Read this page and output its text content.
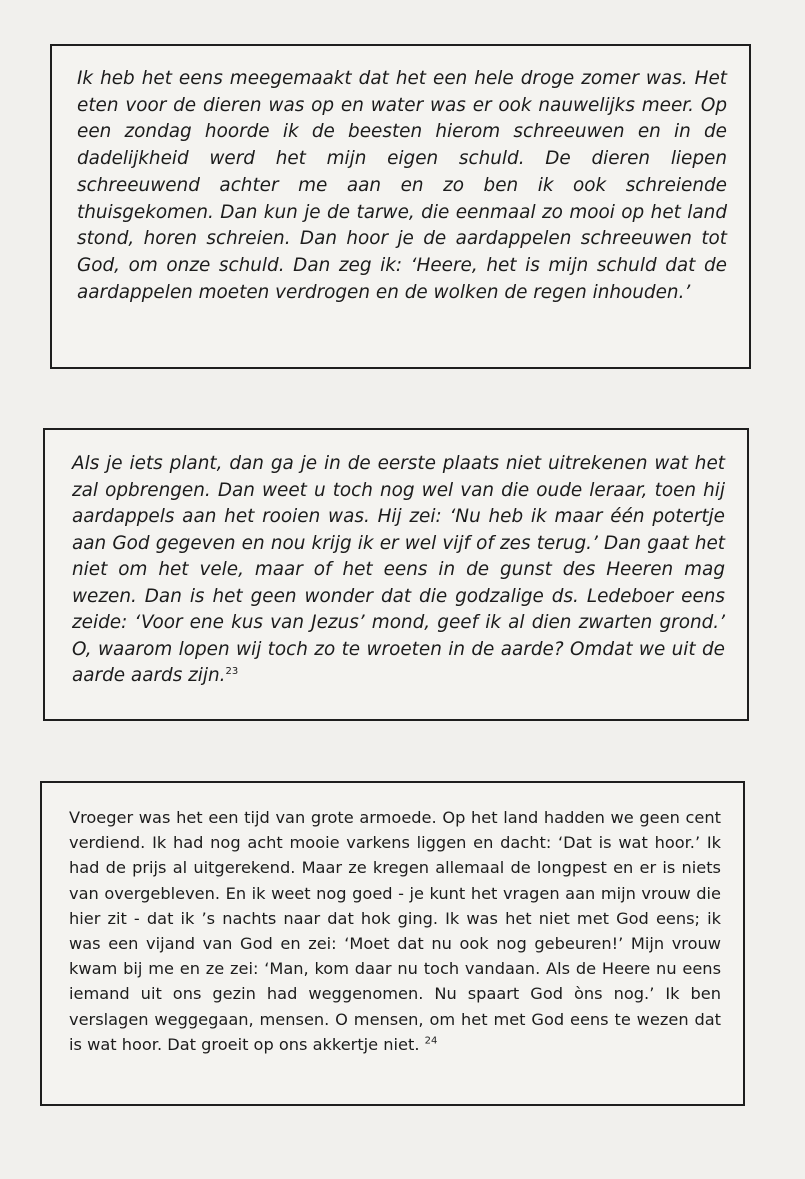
Ik heb het eens meegemaakt dat het een hele droge zomer was. Het eten voor de dieren was op en water was er ook nauwelijks meer. Op een zondag hoorde ik de beesten hierom schreeuwen en in de dadelijkheid werd het mijn eigen schuld. De dieren liepen schreeuwend achter me aan en zo ben ik ook schreiende thuisgekomen. Dan kun je de tarwe, die eenmaal zo mooi op het land stond, horen schreien. Dan hoor je de aardappelen schreeuwen tot God, om onze schuld. Dan zeg ik: ‘Heere, het is mijn schuld dat de aardappelen moeten verdrogen en de wolken de regen inhouden.’

Als je iets plant, dan ga je in de eerste plaats niet uitrekenen wat het zal opbrengen. Dan weet u toch nog wel van die oude leraar, toen hij aardappels aan het rooien was. Hij zei: ‘Nu heb ik maar één potertje aan God gegeven en nou krijg ik er wel vijf of zes terug.’ Dan gaat het niet om het vele, maar of het eens in de gunst des Heeren mag wezen. Dan is het geen wonder dat die godzalige ds. Ledeboer eens zeide: ‘Voor ene kus van Jezus’ mond, geef ik al dien zwarten grond.’ O, waarom lopen wij toch zo te wroeten in de aarde? Omdat we uit de aarde aards zijn.$^{23}$

Vroeger was het een tijd van grote armoede. Op het land hadden we geen cent verdiend. Ik had nog acht mooie varkens liggen en dacht: ‘Dat is wat hoor.’ Ik had de prijs al uitgerekend. Maar ze kregen allemaal de longpest en er is niets van overgebleven. En ik weet nog goed - je kunt het vragen aan mijn vrouw die hier zit - dat ik ’s nachts naar dat hok ging. Ik was het niet met God eens; ik was een vijand van God en zei: ‘Moet dat nu ook nog gebeuren!’ Mijn vrouw kwam bij me en ze zei: ‘Man, kom daar nu toch vandaan. Als de Heere nu eens iemand uit ons gezin had weggenomen. Nu spaart God òns nog.’ Ik ben verslagen weggegaan, mensen. O mensen, om het met God eens te wezen dat is wat hoor. Dat groeit op ons akkertje niet. $^{24}$
